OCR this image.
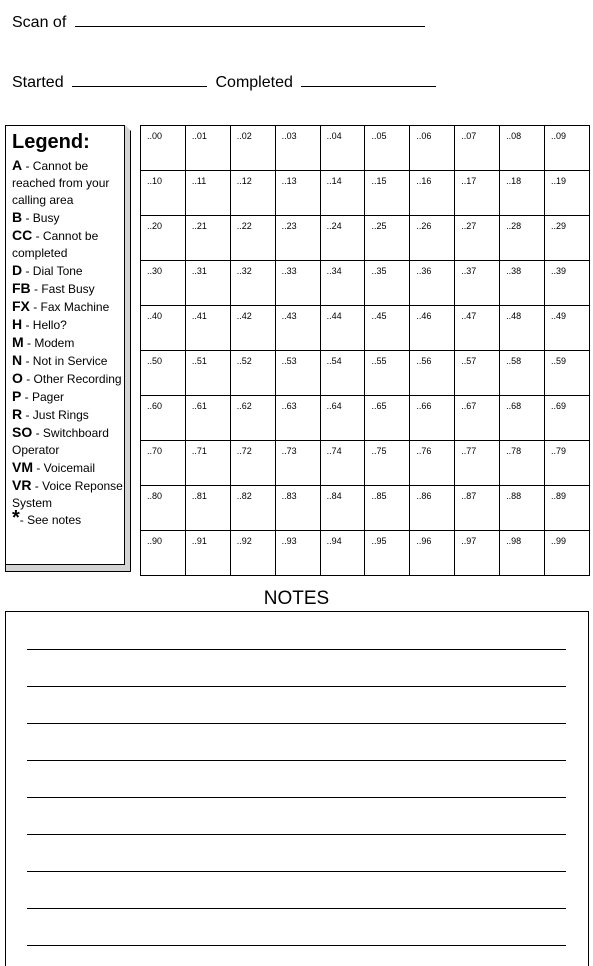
Scan of
Started	Completed
Legend:
A - Cannot be reached from your calling area
B - Busy
CC - Cannot be completed
D - Dial Tone
FB - Fast Busy
FX - Fax Machine
H - Hello?
M - Modem
N - Not in Service
O - Other Recording
P - Pager
R - Just Rings
SO - Switchboard Operator
VM - Voicemail
VR - Voice Reponse System
*- See notes
..00	..01	..02	..03	..04	..05	..06	..07	..08	..09

..10	..11	..12	..13	..14	..15	..16	..17	..18	..19

..20	..21	..22	..23	..24	..25	..26	..27	..28	..29

..30	..31	..32	..33	..34	..35	..36	..37	..38	..39

..40	..41	..42	..43	..44	..45	..46	..47	..48	..49

..50	..51	..52	..53	..54	..55	..56	..57	..58	..59

..60	..61	..62	..63	..64	..65	..66	..67	..68	..69

..70	..71	..72	..73	..74	..75	..76	..77	..78	..79

..80	..81	..82	..83	..84	..85	..86	..87	..88	..89

..90	..91	..92	..93	..94	..95	..96	..97	..98	..99
NOTES
